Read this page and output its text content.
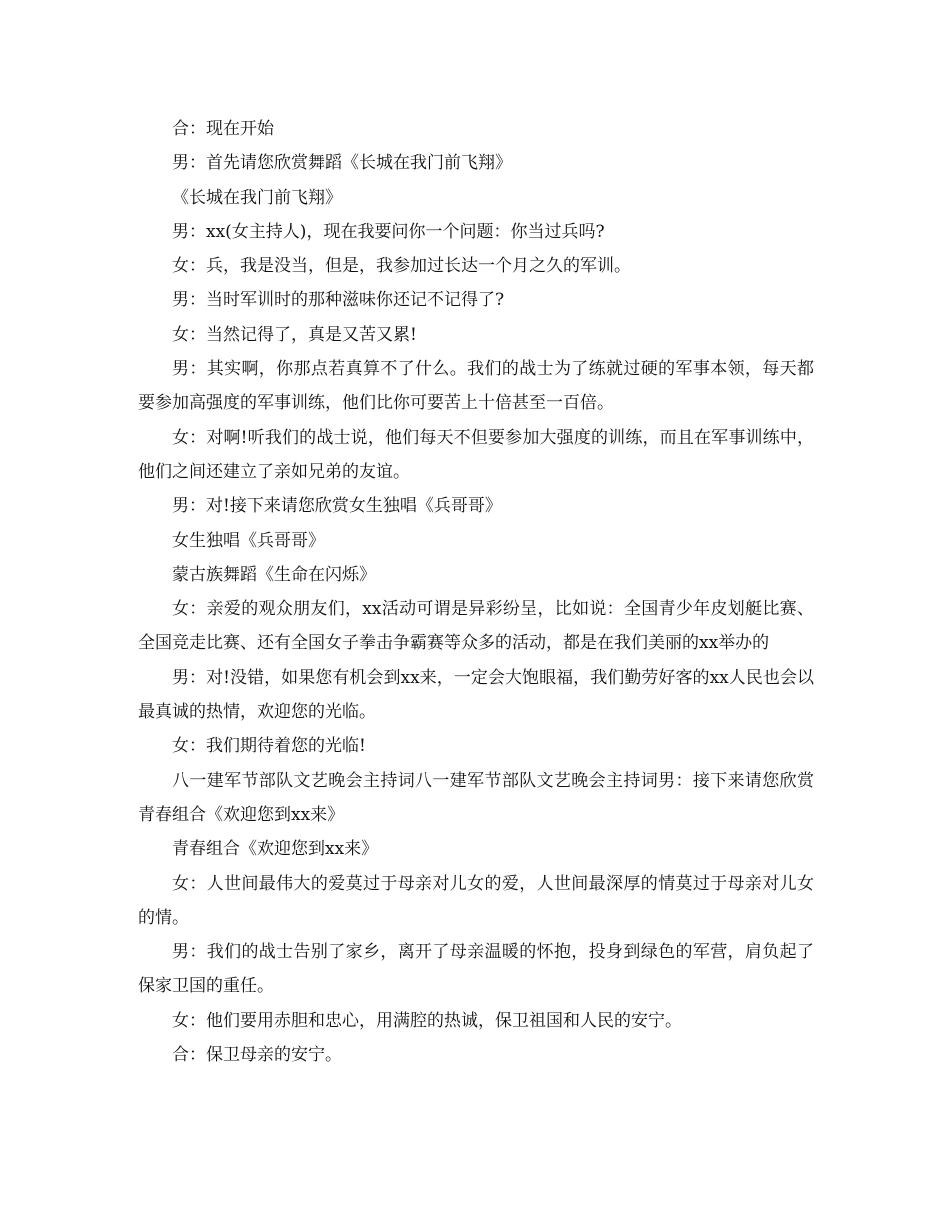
合：现在开始

男：首先请您欣赏舞蹈《长城在我门前飞翔》

《长城在我门前飞翔》

男：xx(女主持人)，现在我要问你一个问题：你当过兵吗?

女：兵，我是没当，但是，我参加过长达一个月之久的军训。

男：当时军训时的那种滋味你还记不记得了?

女：当然记得了，真是又苦又累!

男：其实啊，你那点若真算不了什么。我们的战士为了练就过硬的军事本领，每天都要参加高强度的军事训练，他们比你可要苦上十倍甚至一百倍。

女：对啊!听我们的战士说，他们每天不但要参加大强度的训练，而且在军事训练中，他们之间还建立了亲如兄弟的友谊。

男：对!接下来请您欣赏女生独唱《兵哥哥》

女生独唱《兵哥哥》

蒙古族舞蹈《生命在闪烁》

女：亲爱的观众朋友们，xx活动可谓是异彩纷呈，比如说：全国青少年皮划艇比赛、全国竞走比赛、还有全国女子拳击争霸赛等众多的活动，都是在我们美丽的xx举办的

男：对!没错，如果您有机会到xx来，一定会大饱眼福，我们勤劳好客的xx人民也会以最真诚的热情，欢迎您的光临。

女：我们期待着您的光临!

八一建军节部队文艺晚会主持词八一建军节部队文艺晚会主持词男：接下来请您欣赏青春组合《欢迎您到xx来》

青春组合《欢迎您到xx来》

女：人世间最伟大的爱莫过于母亲对儿女的爱，人世间最深厚的情莫过于母亲对儿女的情。

男：我们的战士告别了家乡，离开了母亲温暖的怀抱，投身到绿色的军营，肩负起了保家卫国的重任。

女：他们要用赤胆和忠心，用满腔的热诚，保卫祖国和人民的安宁。

合：保卫母亲的安宁。
